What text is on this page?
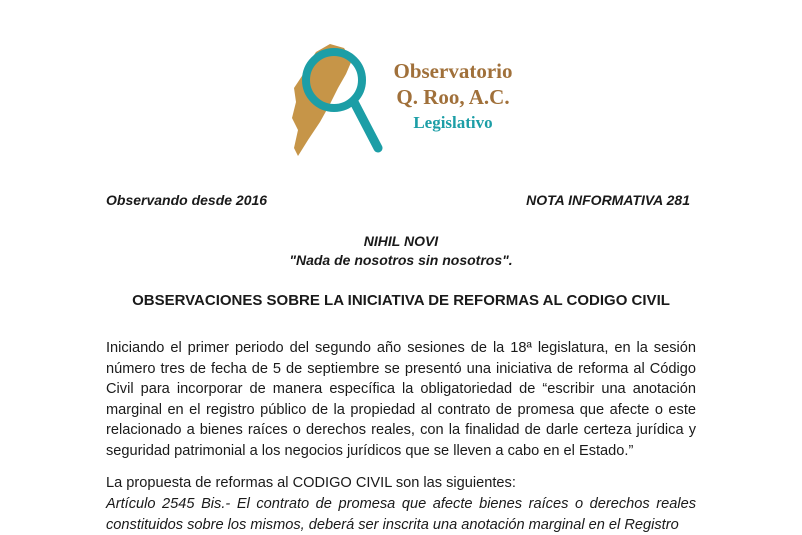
Observatorio
Q. Roo, A.C.
Legislativo
Observando desde 2016	NOTA INFORMATIVA 281
NIHIL NOVI
"Nada de nosotros sin nosotros".
OBSERVACIONES SOBRE LA INICIATIVA DE REFORMAS AL CODIGO CIVIL
Iniciando el primer periodo del segundo año sesiones de la 18ª legislatura, en la sesión número tres de fecha de 5 de septiembre se presentó una iniciativa de reforma al Código Civil para incorporar de manera específica la obligatoriedad de “escribir una anotación marginal en el registro público de la propiedad al contrato de promesa que afecte o este relacionado a bienes raíces o derechos reales, con la finalidad de darle certeza jurídica y seguridad patrimonial a los negocios jurídicos que se lleven a cabo en el Estado.”
La propuesta de reformas al CODIGO CIVIL son las siguientes:
Artículo 2545 Bis.- El contrato de promesa que afecte bienes raíces o derechos reales constituidos sobre los mismos, deberá ser inscrita una anotación marginal en el Registro
